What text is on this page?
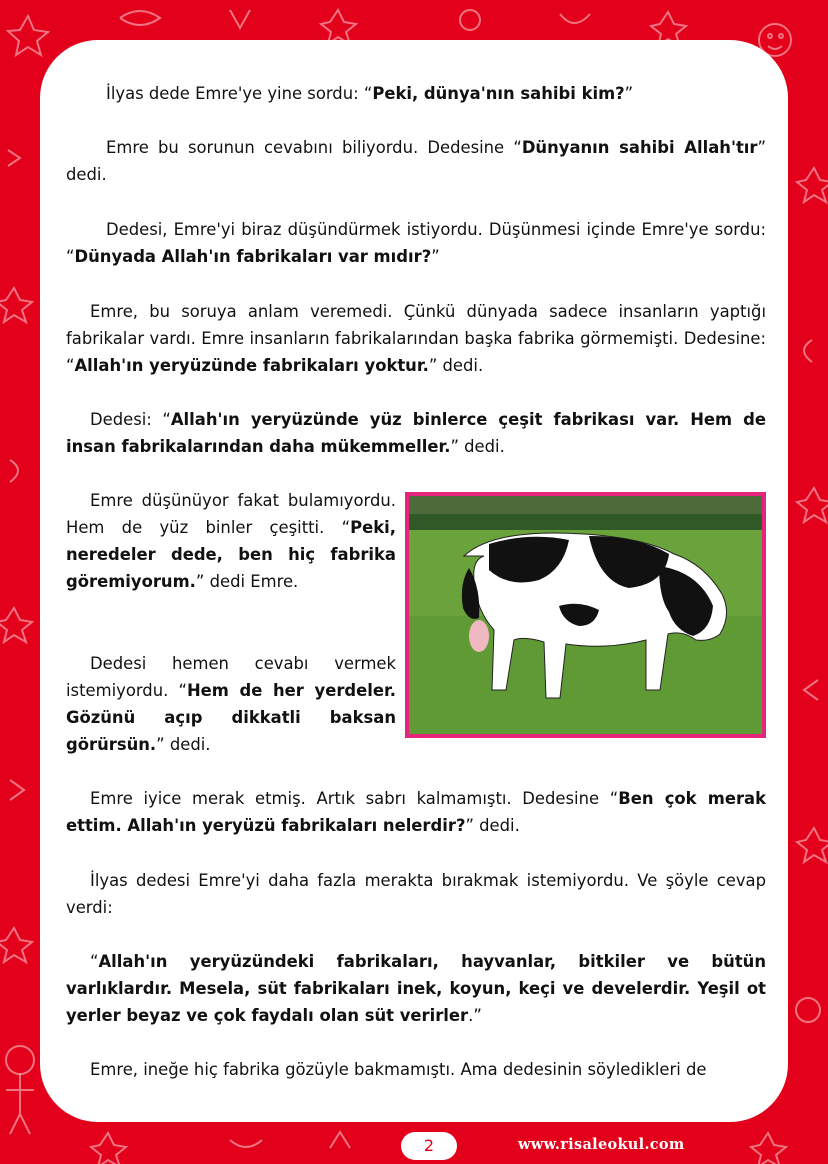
İlyas dede Emre'ye yine sordu: “Peki, dünya'nın sahibi kim?”

Emre bu sorunun cevabını biliyordu. Dedesine “Dünyanın sahibi Allah'tır” dedi.

Dedesi, Emre'yi biraz düşündürmek istiyordu. Düşünmesi içinde Emre'ye sordu: “Dünyada Allah'ın fabrikaları var mıdır?”

Emre, bu soruya anlam veremedi. Çünkü dünyada sadece insanların yaptığı fabrikalar vardı. Emre insanların fabrikalarından başka fabrika görmemişti. Dedesine: “Allah'ın yeryüzünde fabrikaları yoktur.” dedi.

Dedesi: “Allah'ın yeryüzünde yüz binlerce çeşit fabrikası var. Hem de insan fabrikalarından daha mükemmeller.” dedi.

Emre düşünüyor fakat bulamıyordu. Hem de yüz binler çeşitti. “Peki, neredeler dede, ben hiç fabrika göremiyorum.” dedi Emre.

Dedesi hemen cevabı vermek istemiyordu. “Hem de her yerdeler. Gözünü açıp dikkatli baksan görürsün.” dedi.

Emre iyice merak etmiş. Artık sabrı kalmamıştı. Dedesine “Ben çok merak ettim. Allah'ın yeryüzü fabrikaları nelerdir?” dedi.

İlyas dedesi Emre'yi daha fazla merakta bırakmak istemiyordu. Ve şöyle cevap verdi:

“Allah'ın yeryüzündeki fabrikaları, hayvanlar, bitkiler ve bütün varlıklardır. Mesela, süt fabrikaları inek, koyun, keçi ve develerdir. Yeşil ot yerler beyaz ve çok faydalı olan süt verirler.”

Emre, ineğe hiç fabrika gözüyle bakmamıştı. Ama dedesinin söyledikleri de

2	www.risaleokul.com
